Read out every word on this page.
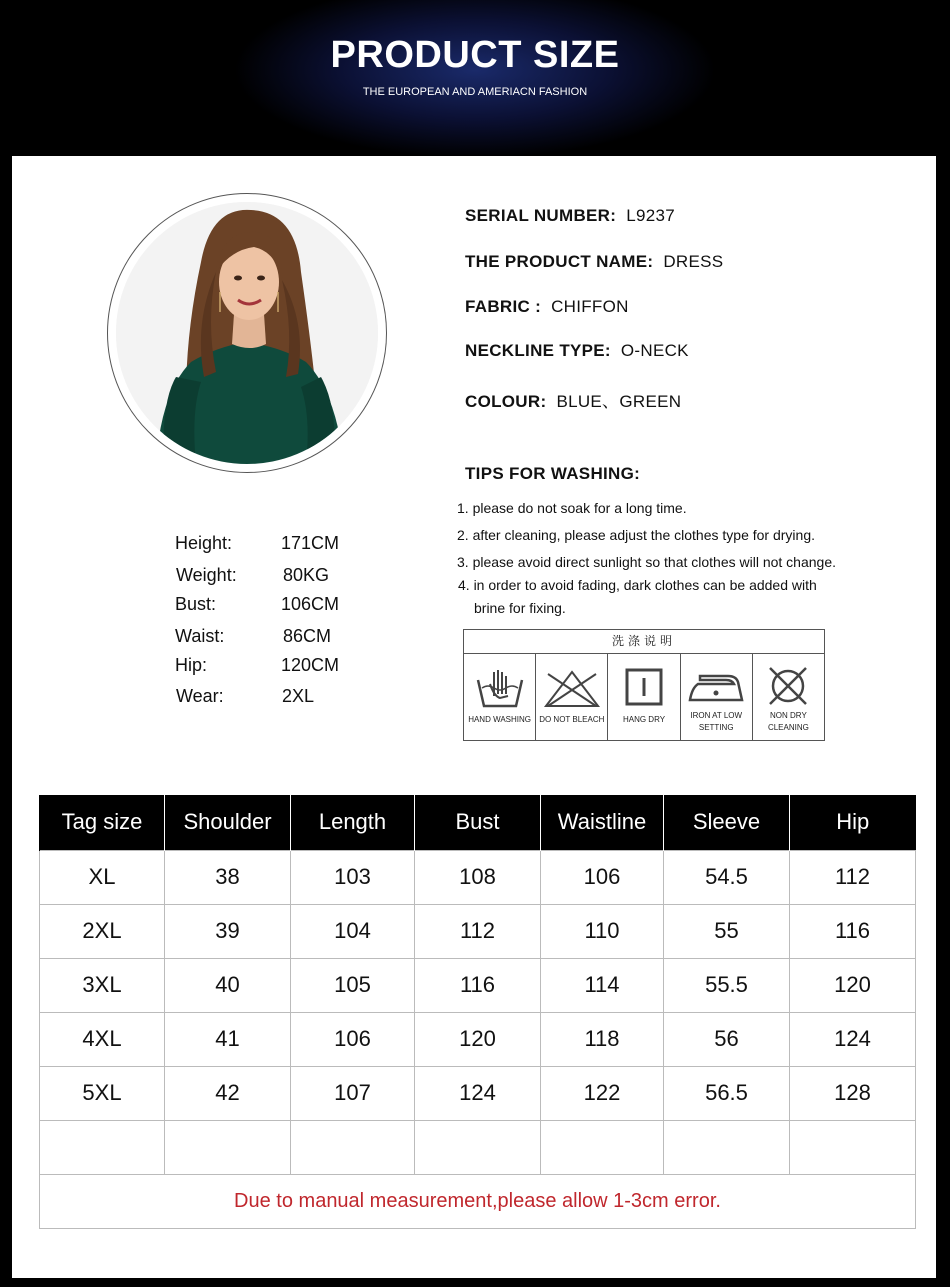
PRODUCT SIZE
THE EUROPEAN AND AMERIACN FASHION
SERIAL NUMBER: L9237
THE PRODUCT NAME: DRESS
FABRIC : CHIFFON
NECKLINE TYPE: O-NECK
COLOUR: BLUE、GREEN
Height:	171CM
Weight:	80KG
Bust:	106CM
Waist:	86CM
Hip:	120CM
Wear:	2XL
TIPS FOR WASHING:
1. please do not soak for a long time.
2. after cleaning, please adjust the clothes type for drying.
3. please avoid direct sunlight so that clothes will not change.
4. in order to avoid fading, dark clothes can be added with
brine for fixing.
洗涤说明
HAND WASHING	DO NOT BLEACH	HANG DRY	IRON AT LOW
SETTING
NON DRY
CLEANING
Tag size	Shoulder	Length	Bust	Waistline	Sleeve	Hip
XL	38	103	108	106	54.5	112
2XL	39	104	112	110	55	116
3XL	40	105	116	114	55.5	120
4XL	41	106	120	118	56	124
5XL	42	107	124	122	56.5	128

Due to manual measurement,please allow 1-3cm error.						
